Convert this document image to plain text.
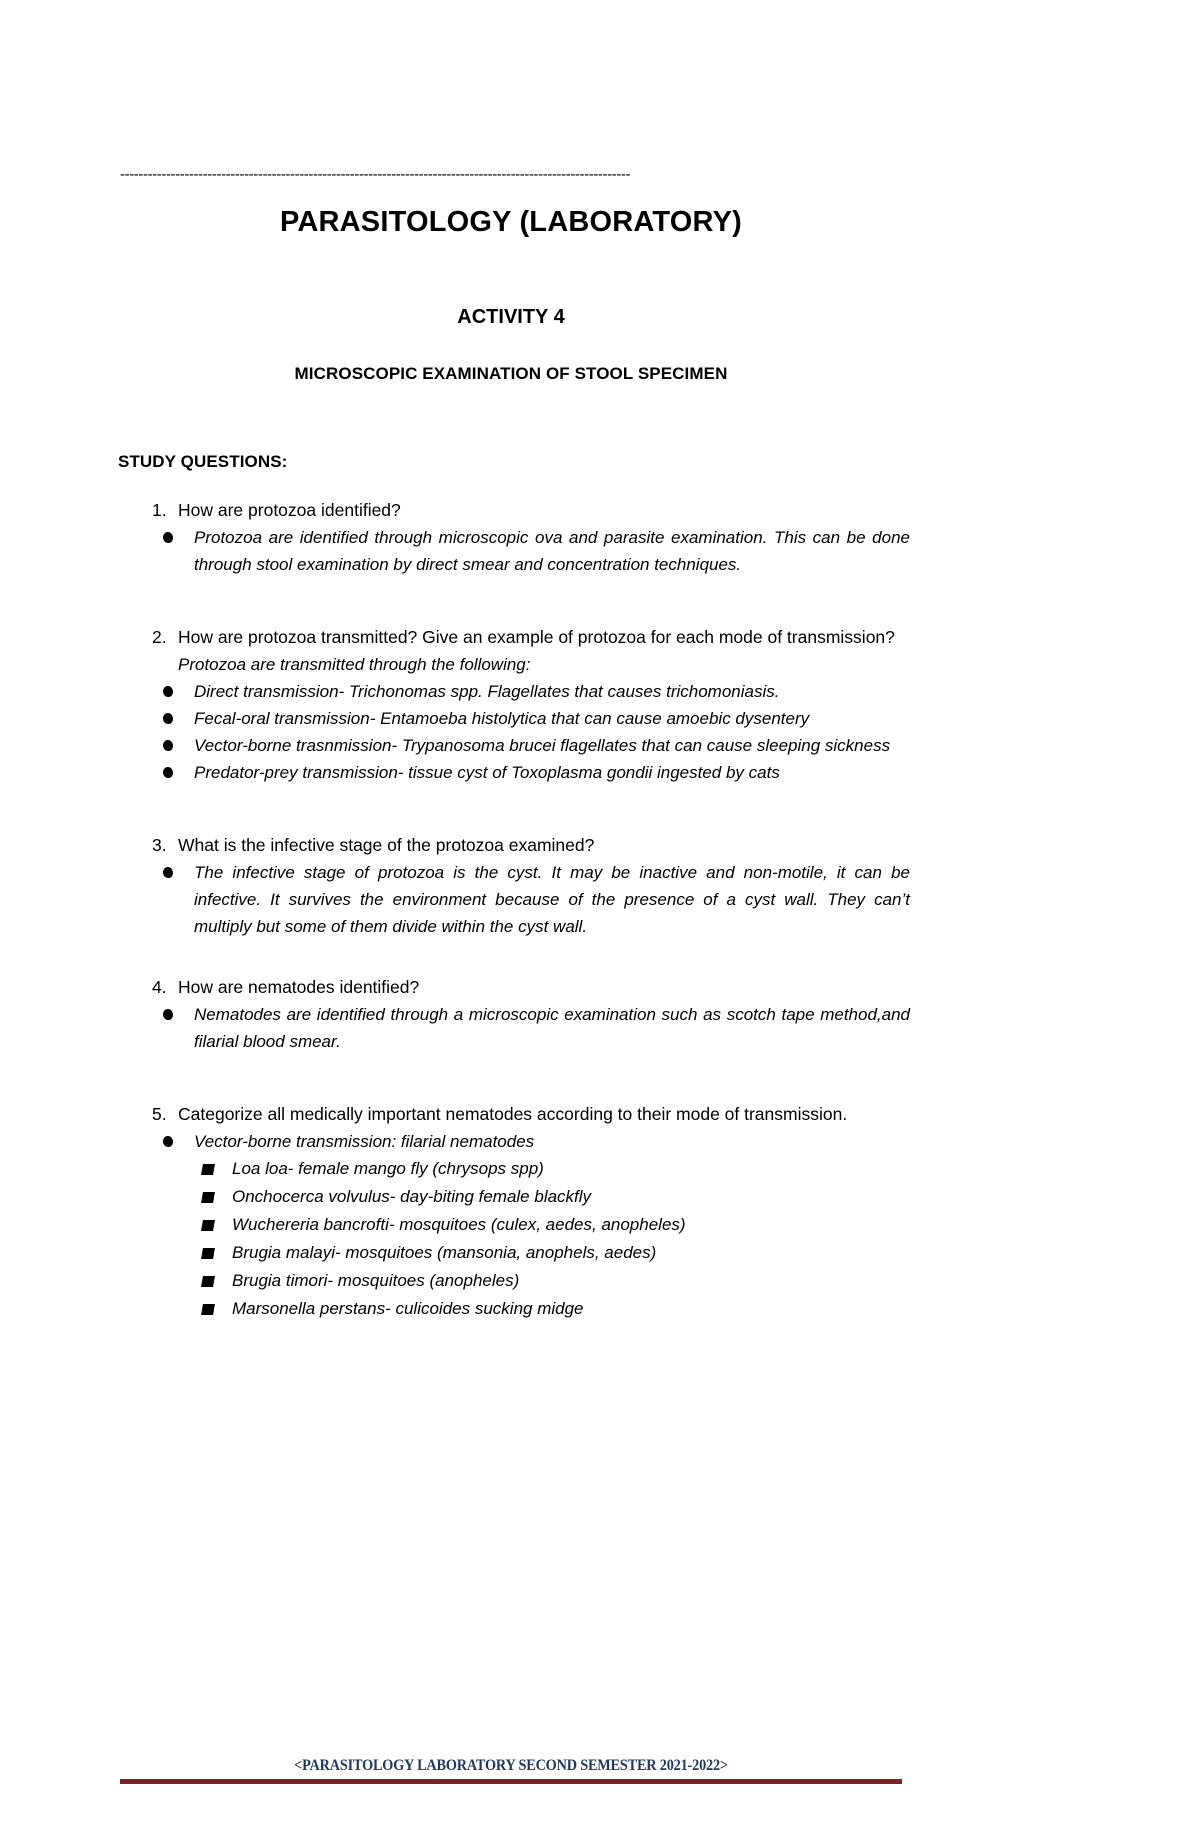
---------------------------------------------------------------------------------------------------------------
PARASITOLOGY (LABORATORY)
ACTIVITY 4
MICROSCOPIC EXAMINATION OF STOOL SPECIMEN
STUDY QUESTIONS:
1. How are protozoa identified?
Protozoa are identified through microscopic ova and parasite examination. This can be done through stool examination by direct smear and concentration techniques.
2. How are protozoa transmitted? Give an example of protozoa for each mode of transmission?
Protozoa are transmitted through the following:
Direct transmission- Trichonomas spp. Flagellates that causes trichomoniasis.
Fecal-oral transmission- Entamoeba histolytica that can cause amoebic dysentery
Vector-borne trasnmission- Trypanosoma brucei flagellates that can cause sleeping sickness
Predator-prey transmission- tissue cyst of Toxoplasma gondii ingested by cats
3. What is the infective stage of the protozoa examined?
The infective stage of protozoa is the cyst. It may be inactive and non-motile, it can be infective. It survives the environment because of the presence of a cyst wall. They can’t multiply but some of them divide within the cyst wall.
4. How are nematodes identified?
Nematodes are identified through a microscopic examination such as scotch tape method,and filarial blood smear.
5. Categorize all medically important nematodes according to their mode of transmission.
Vector-borne transmission: filarial nematodes
Loa loa- female mango fly (chrysops spp)
Onchocerca volvulus- day-biting female blackfly
Wuchereria bancrofti- mosquitoes (culex, aedes, anopheles)
Brugia malayi- mosquitoes (mansonia, anophels, aedes)
Brugia timori- mosquitoes (anopheles)
Marsonella perstans- culicoides sucking midge
<PARASITOLOGY LABORATORY SECOND SEMESTER 2021-2022>
